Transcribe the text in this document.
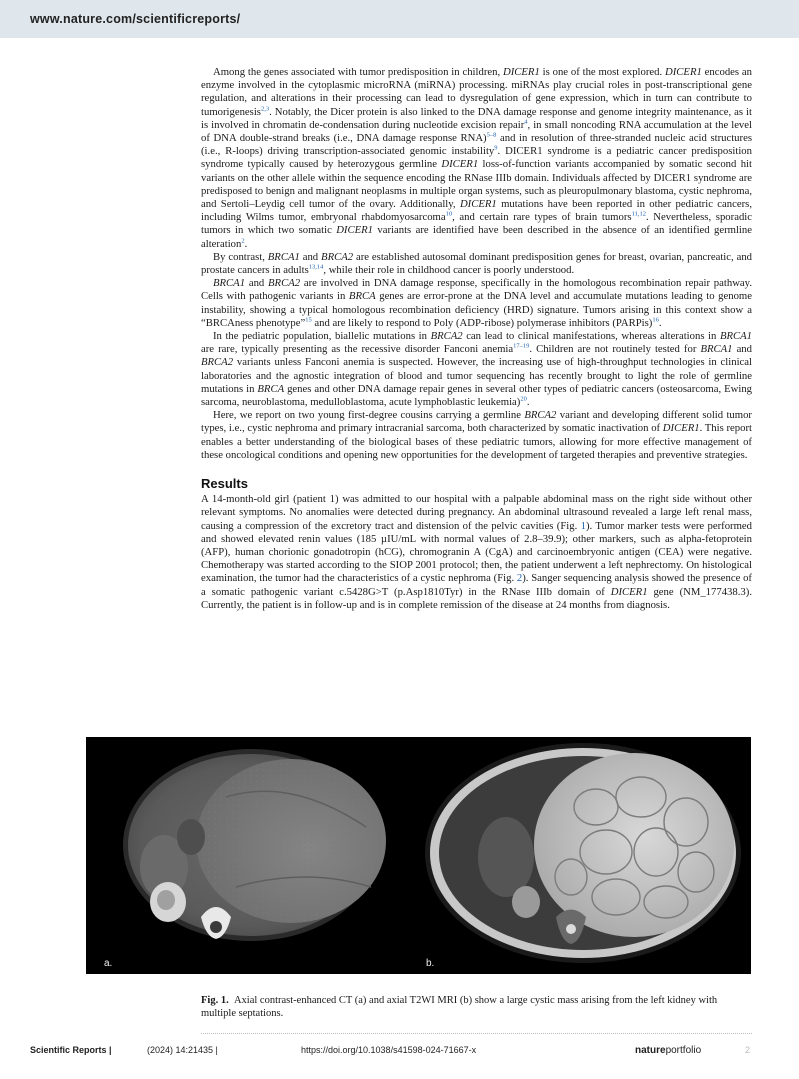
www.nature.com/scientificreports/

Among the genes associated with tumor predisposition in children, DICER1 is one of the most explored. DICER1 encodes an enzyme involved in the cytoplasmic microRNA (miRNA) processing. miRNAs play crucial roles in post-transcriptional gene regulation, and alterations in their processing can lead to dysregulation of gene expression, which in turn can contribute to tumorigenesis$^{2,3}$. Notably, the Dicer protein is also linked to the DNA damage response and genome integrity maintenance, as it is involved in chromatin de-condensation during nucleotide excision repair$^4$, in small noncoding RNA accumulation at the level of DNA double-strand breaks (i.e., DNA damage response RNA)$^{5-8}$ and in resolution of three-stranded nucleic acid structures (i.e., R-loops) driving transcription-associated genomic instability$^9$. DICER1 syndrome is a pediatric cancer predisposition syndrome typically caused by heterozygous germline DICER1 loss-of-function variants accompanied by somatic second hit variants on the other allele within the sequence encoding the RNase IIIb domain. Individuals affected by DICER1 syndrome are predisposed to benign and malignant neoplasms in multiple organ systems, such as pleuropulmonary blastoma, cystic nephroma, and Sertoli–Leydig cell tumor of the ovary. Additionally, DICER1 mutations have been reported in other pediatric cancers, including Wilms tumor, embryonal rhabdomyosarcoma$^{10}$, and certain rare types of brain tumors$^{11,12}$. Nevertheless, sporadic tumors in which two somatic DICER1 variants are identified have been described in the absence of an identified germline alteration$^2$.

By contrast, BRCA1 and BRCA2 are established autosomal dominant predisposition genes for breast, ovarian, pancreatic, and prostate cancers in adults$^{13,14}$, while their role in childhood cancer is poorly understood.

BRCA1 and BRCA2 are involved in DNA damage response, specifically in the homologous recombination repair pathway. Cells with pathogenic variants in BRCA genes are error-prone at the DNA level and accumulate mutations leading to genome instability, showing a typical homologous recombination deficiency (HRD) signature. Tumors arising in this context show a “BRCAness phenotype”$^{15}$ and are likely to respond to Poly (ADP-ribose) polymerase inhibitors (PARPis)$^{16}$.

In the pediatric population, biallelic mutations in BRCA2 can lead to clinical manifestations, whereas alterations in BRCA1 are rare, typically presenting as the recessive disorder Fanconi anemia$^{17-19}$. Children are not routinely tested for BRCA1 and BRCA2 variants unless Fanconi anemia is suspected. However, the increasing use of high-throughput technologies in clinical laboratories and the agnostic integration of blood and tumor sequencing has recently brought to light the role of germline mutations in BRCA genes and other DNA damage repair genes in several other types of pediatric cancers (osteosarcoma, Ewing sarcoma, neuroblastoma, medulloblastoma, acute lymphoblastic leukemia)$^{20}$.

Here, we report on two young first-degree cousins carrying a germline BRCA2 variant and developing different solid tumor types, i.e., cystic nephroma and primary intracranial sarcoma, both characterized by somatic inactivation of DICER1. This report enables a better understanding of the biological bases of these pediatric tumors, allowing for more effective management of these oncological conditions and opening new opportunities for the development of targeted therapies and preventive strategies.

Results

A 14-month-old girl (patient 1) was admitted to our hospital with a palpable abdominal mass on the right side without other relevant symptoms. No anomalies were detected during pregnancy. An abdominal ultrasound revealed a large left renal mass, causing a compression of the excretory tract and distension of the pelvic cavities (Fig. 1). Tumor marker tests were performed and showed elevated renin values (185 µIU/mL with normal values of 2.8–39.9); other markers, such as alpha-fetoprotein (AFP), human chorionic gonadotropin (hCG), chromogranin A (CgA) and carcinoembryonic antigen (CEA) were negative. Chemotherapy was started according to the SIOP 2001 protocol; then, the patient underwent a left nephrectomy. On histological examination, the tumor had the characteristics of a cystic nephroma (Fig. 2). Sanger sequencing analysis showed the presence of a somatic pathogenic variant c.5428G>T (p.Asp1810Tyr) in the RNase IIIb domain of DICER1 gene (NM_177438.3). Currently, the patient is in follow-up and is in complete remission of the disease at 24 months from diagnosis.

a.	b.
Fig. 1. Axial contrast-enhanced CT (a) and axial T2WI MRI (b) show a large cystic mass arising from the left kidney with multiple septations.
Scientific Reports |	(2024) 14:21435 |	https://doi.org/10.1038/s41598-024-71667-x	natureportfolio	2
